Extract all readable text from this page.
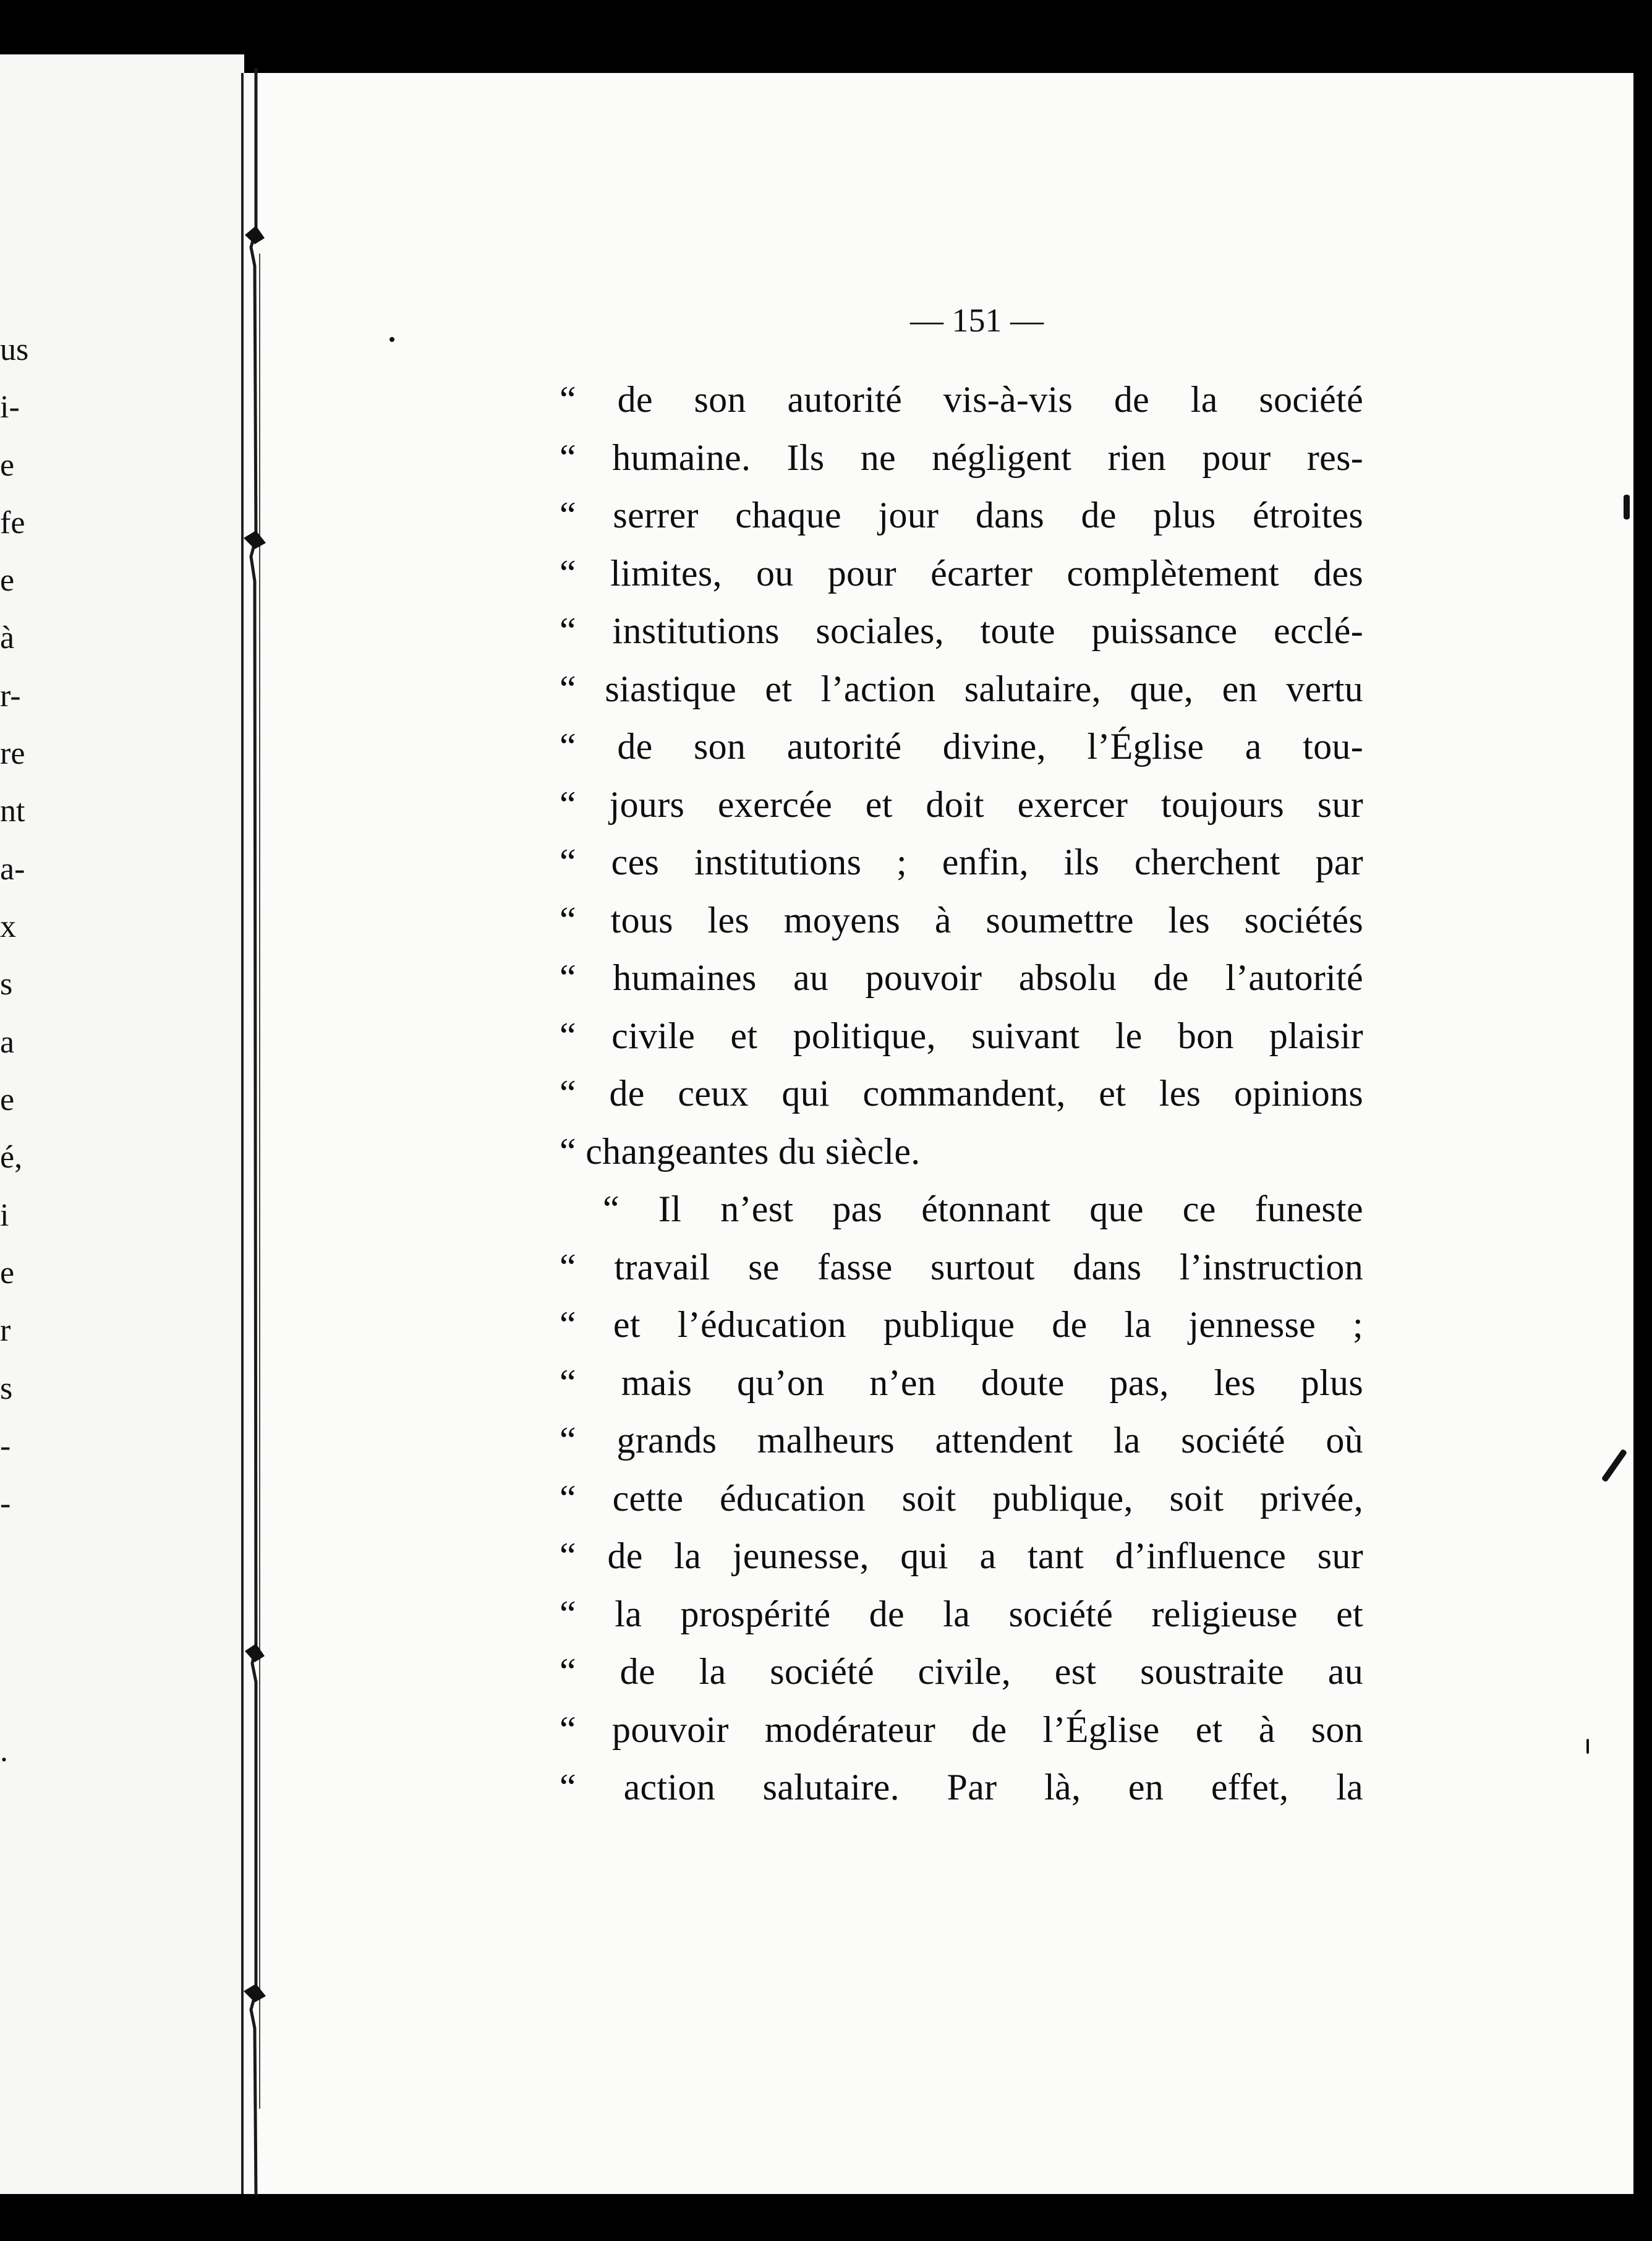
us
i-
e
fe
e
à
r-
re
nt
a-
x
s
a
e
é,
i
e
r
s
-
-
.
— 151 —
“ de son autorité vis-à-vis de la société
“ humaine. Ils ne négligent rien pour res-
“ serrer chaque jour dans de plus étroites
“ limites, ou pour écarter complètement des
“ institutions sociales, toute puissance ecclé-
“ siastique et l’action salutaire, que, en vertu
“ de son autorité divine, l’Église a tou-
“ jours exercée et doit exercer toujours sur
“ ces institutions ; enfin, ils cherchent par
“ tous les moyens à soumettre les sociétés
“ humaines au pouvoir absolu de l’autorité
“ civile et politique, suivant le bon plaisir
“ de ceux qui commandent, et les opinions
“ changeantes du siècle.
“ Il n’est pas étonnant que ce funeste
“ travail se fasse surtout dans l’instruction
“ et l’éducation publique de la jennesse ;
“ mais qu’on n’en doute pas, les plus
“ grands malheurs attendent la société où
“ cette éducation soit publique, soit privée,
“ de la jeunesse, qui a tant d’influence sur
“ la prospérité de la société religieuse et
“ de la société civile, est soustraite au
“ pouvoir modérateur de l’Église et à son
“ action salutaire. Par là, en effet, la
